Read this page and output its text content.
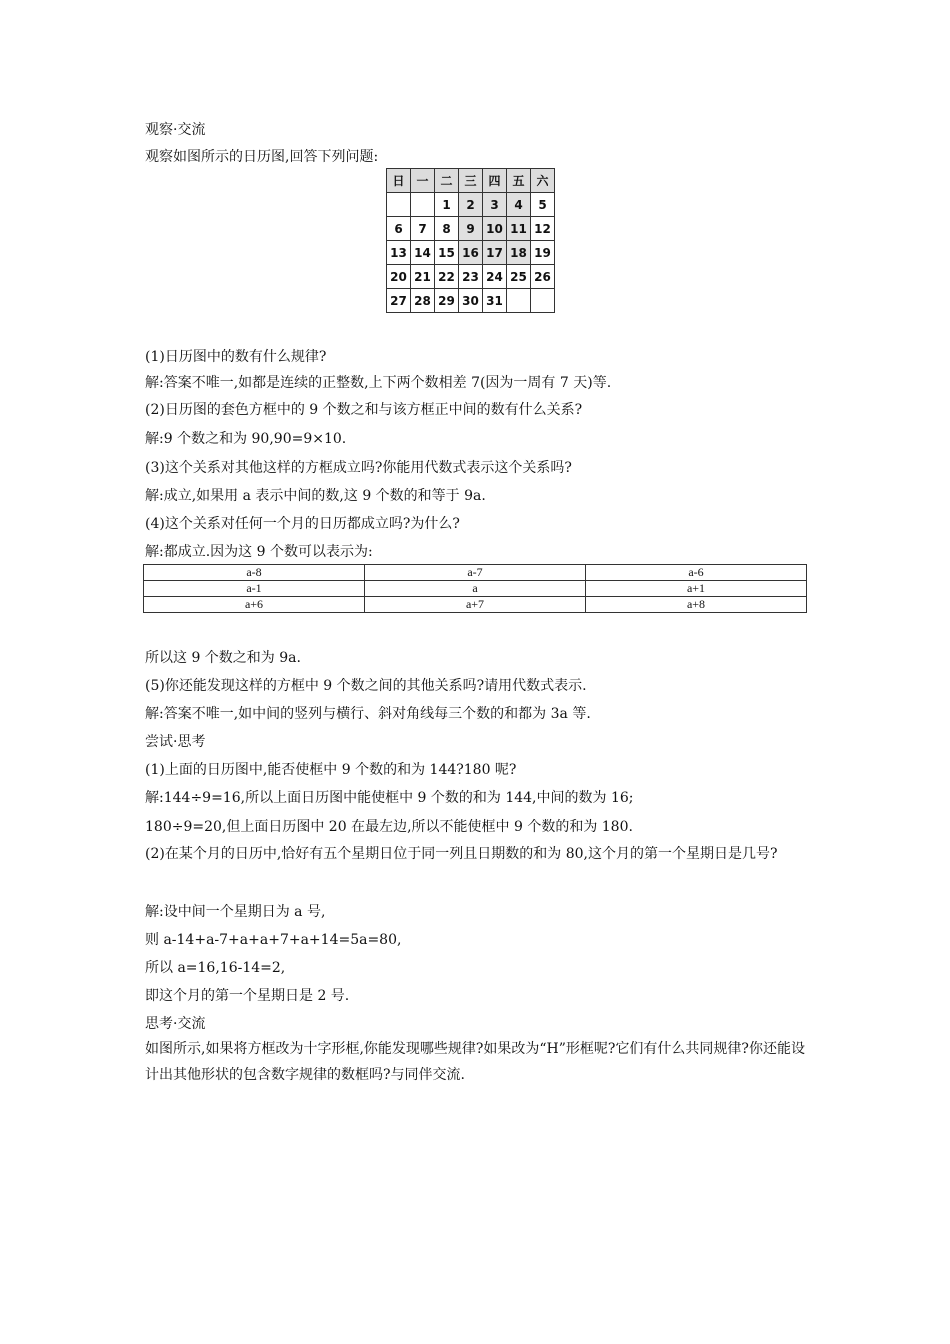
观察·交流
观察如图所示的日历图,回答下列问题:
日	一	二	三	四	五	六
		1	2	3	4	5
6	7	8	9	10	11	12
13	14	15	16	17	18	19
20	21	22	23	24	25	26
27	28	29	30	31		
(1)日历图中的数有什么规律?
解:答案不唯一,如都是连续的正整数,上下两个数相差 7(因为一周有 7 天)等.
(2)日历图的套色方框中的 9 个数之和与该方框正中间的数有什么关系?
解:9 个数之和为 90,90=9×10.
(3)这个关系对其他这样的方框成立吗?你能用代数式表示这个关系吗?
解:成立,如果用 a 表示中间的数,这 9 个数的和等于 9a.
(4)这个关系对任何一个月的日历都成立吗?为什么?
解:都成立.因为这 9 个数可以表示为:
a-8	a-7	a-6
a-1	a	a+1
a+6	a+7	a+8
所以这 9 个数之和为 9a.
(5)你还能发现这样的方框中 9 个数之间的其他关系吗?请用代数式表示.
解:答案不唯一,如中间的竖列与横行、斜对角线每三个数的和都为 3a 等.
尝试·思考
(1)上面的日历图中,能否使框中 9 个数的和为 144?180 呢?
解:144÷9=16,所以上面日历图中能使框中 9 个数的和为 144,中间的数为 16;
180÷9=20,但上面日历图中 20 在最左边,所以不能使框中 9 个数的和为 180.
(2)在某个月的日历中,恰好有五个星期日位于同一列且日期数的和为 80,这个月的第一个星期日是几号?
解:设中间一个星期日为 a 号,
则 a-14+a-7+a+a+7+a+14=5a=80,
所以 a=16,16-14=2,
即这个月的第一个星期日是 2 号.
思考·交流
如图所示,如果将方框改为十字形框,你能发现哪些规律?如果改为“H”形框呢?它们有什么共同规律?你还能设计出其他形状的包含数字规律的数框吗?与同伴交流.
